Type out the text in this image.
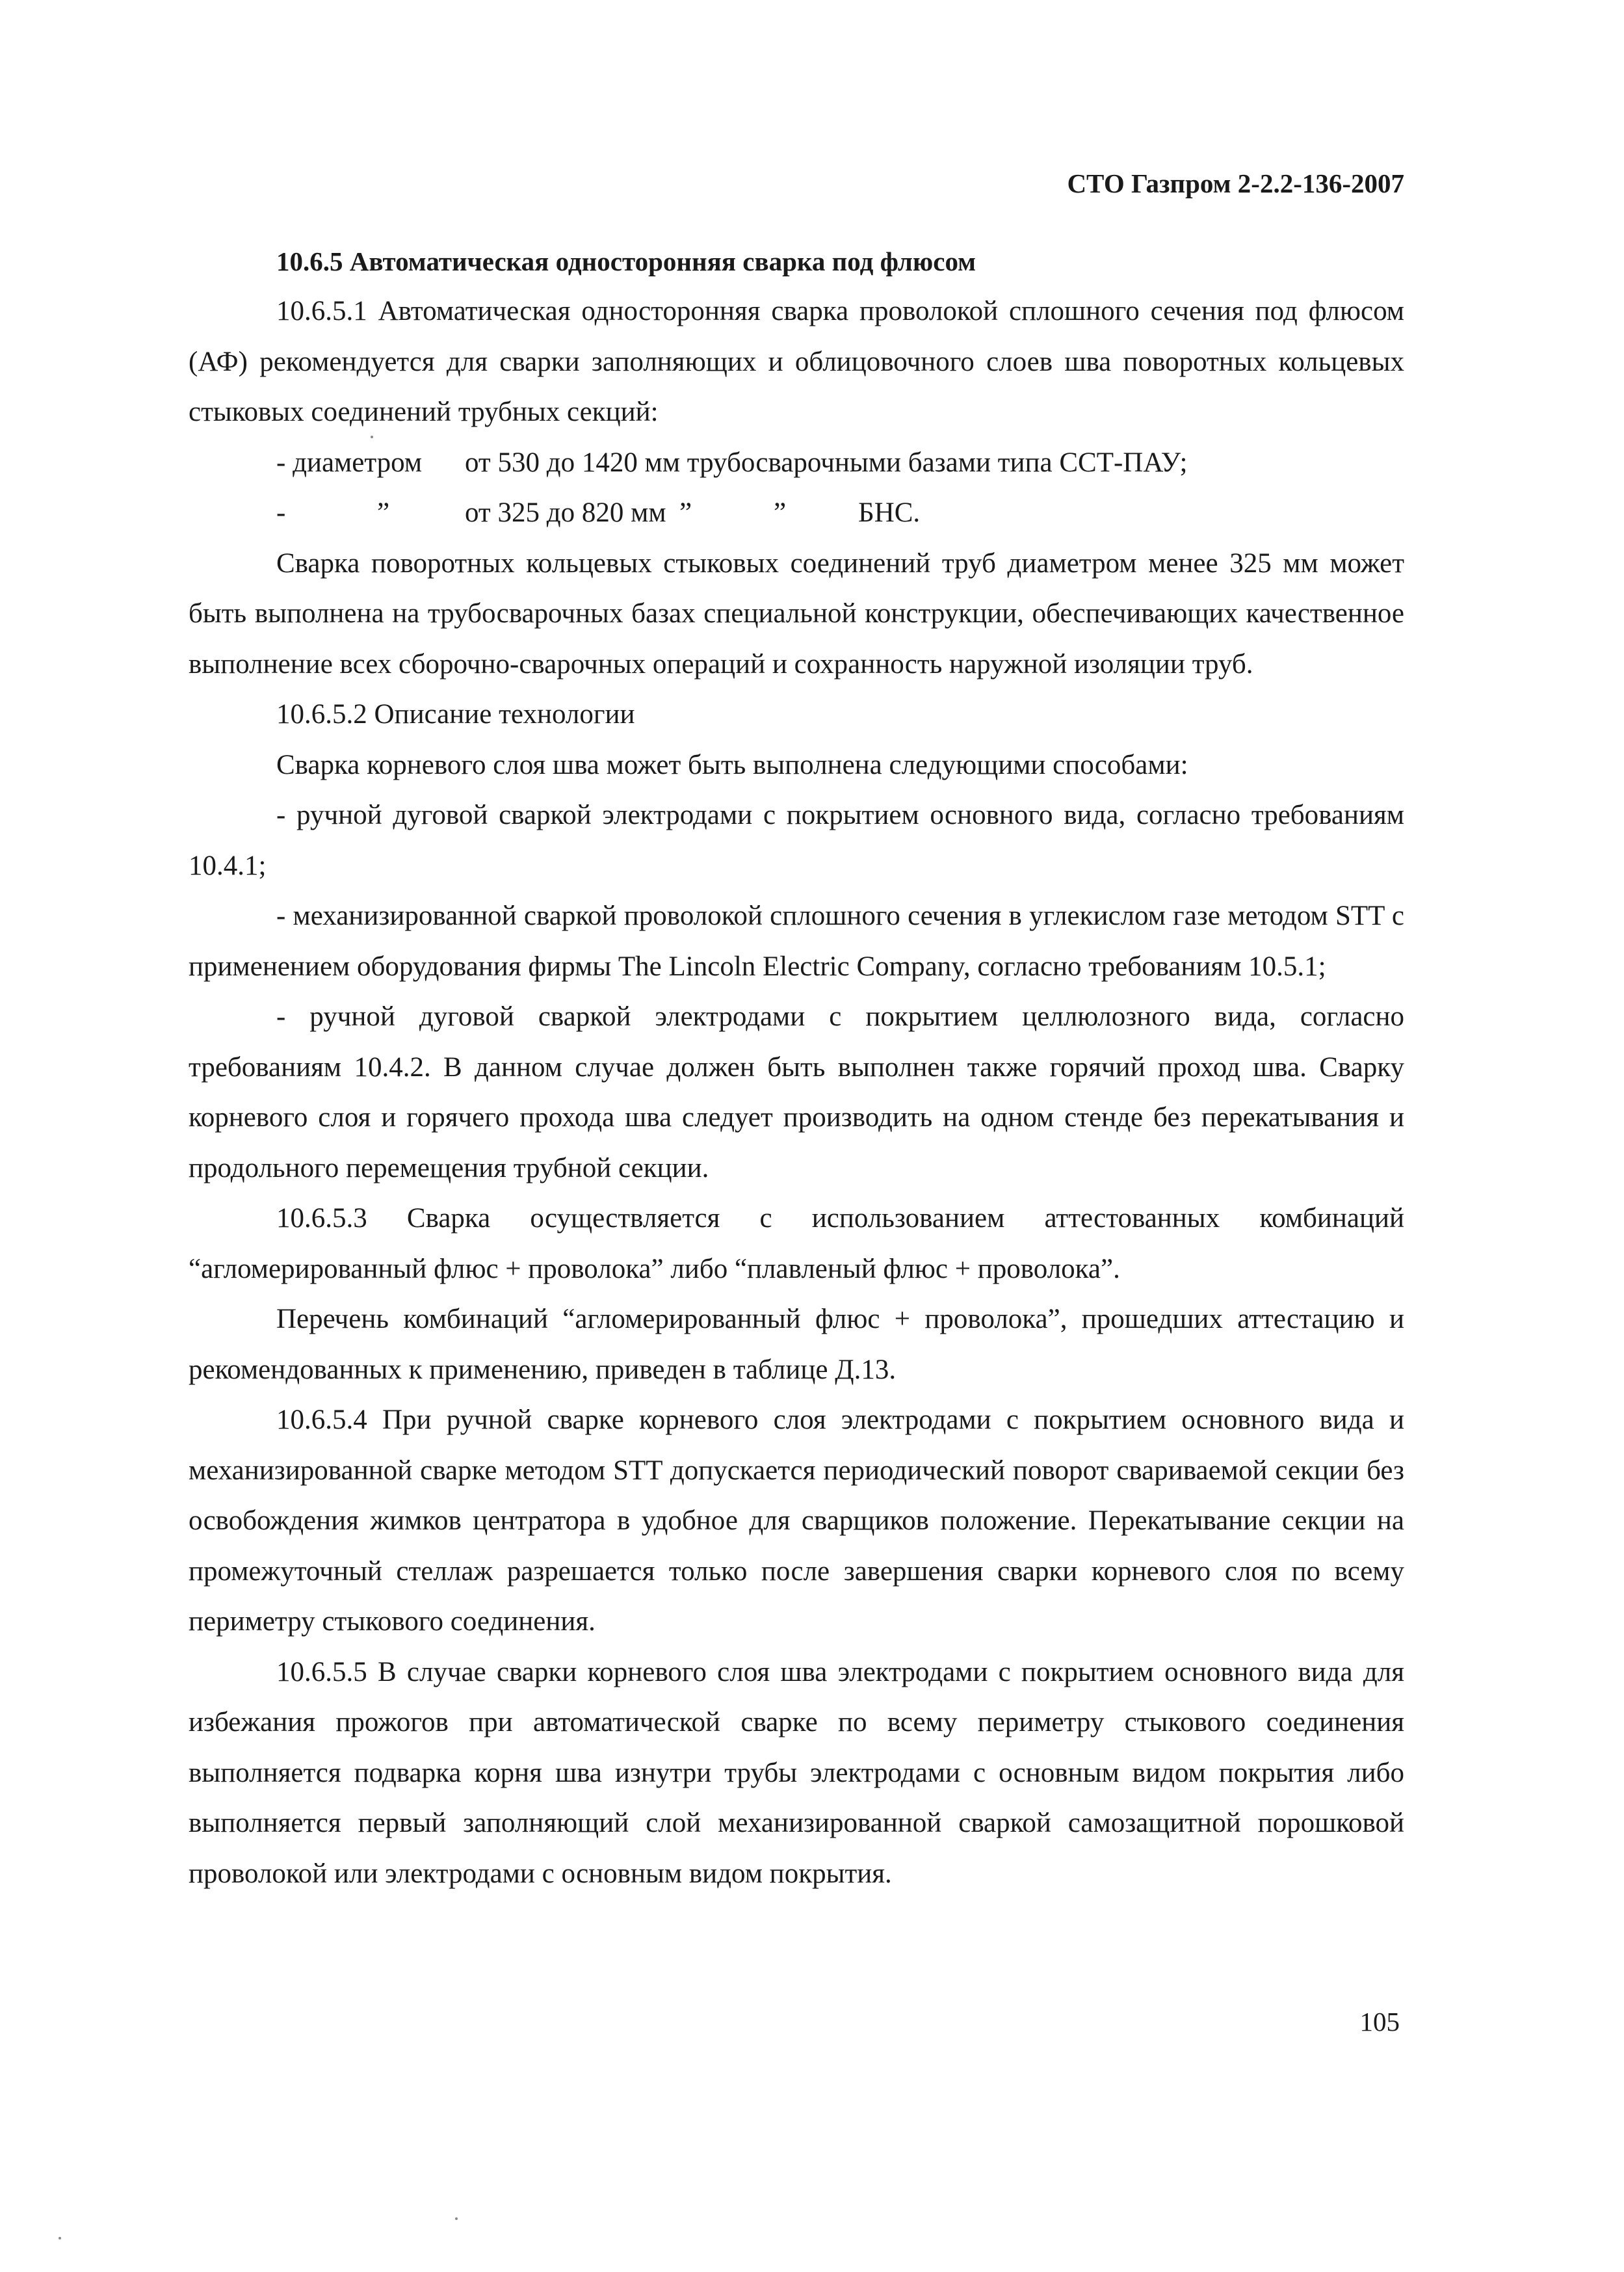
СТО Газпром 2-2.2-136-2007
10.6.5 Автоматическая односторонняя сварка под флюсом

10.6.5.1 Автоматическая односторонняя сварка проволокой сплошного сечения под флюсом (АФ) рекомендуется для сварки заполняющих и облицовочного слоев шва поворотных кольцевых стыковых соединений трубных секций:

- диаметром	от 530 до 1420 мм трубосварочными базами типа ССТ-ПАУ;
-	”	от 325 до 820 мм ”	”	БНС.

Сварка поворотных кольцевых стыковых соединений труб диаметром менее 325 мм может быть выполнена на трубосварочных базах специальной конструкции, обеспечивающих качественное выполнение всех сборочно-сварочных операций и сохранность наружной изоляции труб.

10.6.5.2 Описание технологии

Сварка корневого слоя шва может быть выполнена следующими способами:

- ручной дуговой сваркой электродами с покрытием основного вида, согласно требованиям 10.4.1;

- механизированной сваркой проволокой сплошного сечения в углекислом газе методом STT с применением оборудования фирмы The Lincoln Electric Company, согласно требованиям 10.5.1;

- ручной дуговой сваркой электродами с покрытием целлюлозного вида, согласно требованиям 10.4.2. В данном случае должен быть выполнен также горячий проход шва. Сварку корневого слоя и горячего прохода шва следует производить на одном стенде без перекатывания и продольного перемещения трубной секции.

10.6.5.3 Сварка осуществляется с использованием аттестованных комбинаций “агломерированный флюс + проволока” либо “плавленый флюс + проволока”.

Перечень комбинаций “агломерированный флюс + проволока”, прошедших аттестацию и рекомендованных к применению, приведен в таблице Д.13.

10.6.5.4 При ручной сварке корневого слоя электродами с покрытием основного вида и механизированной сварке методом STT допускается периодический поворот свариваемой секции без освобождения жимков центратора в удобное для сварщиков положение. Перекатывание секции на промежуточный стеллаж разрешается только после завершения сварки корневого слоя по всему периметру стыкового соединения.

10.6.5.5 В случае сварки корневого слоя шва электродами с покрытием основного вида для избежания прожогов при автоматической сварке по всему периметру стыкового соединения выполняется подварка корня шва изнутри трубы электродами с основным видом покрытия либо выполняется первый заполняющий слой механизированной сваркой самозащитной порошковой проволокой или электродами с основным видом покрытия.

105
